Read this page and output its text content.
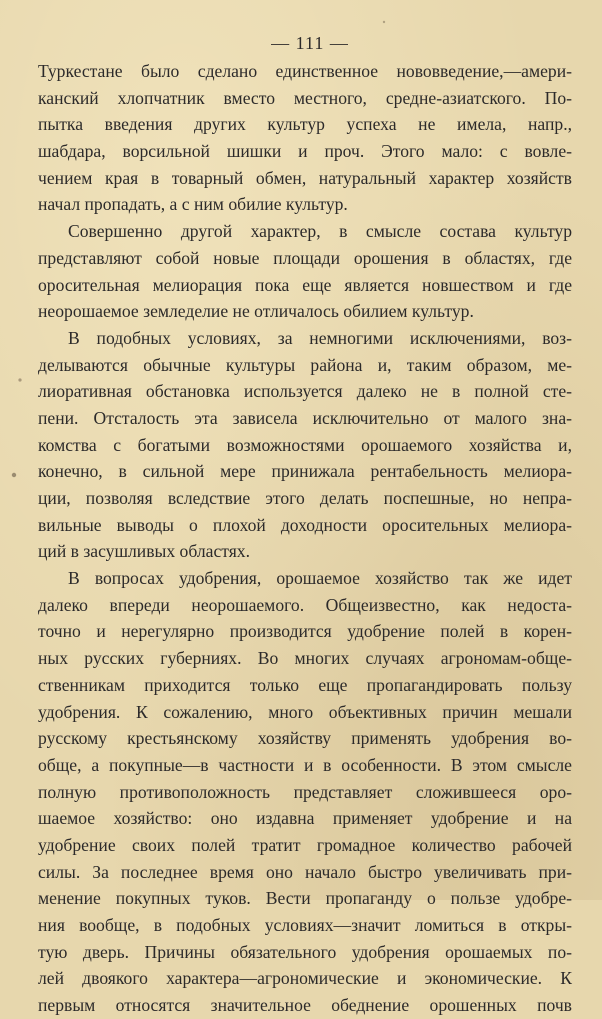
— 111 —

Туркестане было сделано единственное нововведение,—амери-
канский хлопчатник вместо местного, средне-азиатского. По-
пытка введения других культур успеха не имела, напр.,
шабдара, ворсильной шишки и проч. Этого мало: с вовле-
чением края в товарный обмен, натуральный характер хозяйств
начал пропадать, а с ним обилие культур.

Совершенно другой характер, в смысле состава культур
представляют собой новые площади орошения в областях, где
оросительная мелиорация пока еще является новшеством и где
неорошаемое земледелие не отличалось обилием культур.

В подобных условиях, за немногими исключениями, воз-
делываются обычные культуры района и, таким образом, ме-
лиоративная обстановка используется далеко не в полной сте-
пени. Отсталость эта зависела исключительно от малого зна-
комства с богатыми возможностями орошаемого хозяйства и,
конечно, в сильной мере принижала рентабельность мелиора-
ции, позволяя вследствие этого делать поспешные, но непра-
вильные выводы о плохой доходности оросительных мелиора-
ций в засушливых областях.

В вопросах удобрения, орошаемое хозяйство так же идет
далеко впереди неорошаемого. Общеизвестно, как недоста-
точно и нерегулярно производится удобрение полей в корен-
ных русских губерниях. Во многих случаях агрономам-обще-
ственникам приходится только еще пропагандировать пользу
удобрения. К сожалению, много объективных причин мешали
русскому крестьянскому хозяйству применять удобрения во-
обще, а покупные—в частности и в особенности. В этом смысле
полную противоположность представляет сложившееся оро-
шаемое хозяйство: оно издавна применяет удобрение и на
удобрение своих полей тратит громадное количество рабочей
силы. За последнее время оно начало быстро увеличивать при-
менение покупных туков. Вести пропаганду о пользе удобре-
ния вообще, в подобных условиях—значит ломиться в откры-
тую дверь. Причины обязательного удобрения орошаемых по-
лей двоякого характера—агрономические и экономические. К
первым относятся значительное обеднение орошенных почв
